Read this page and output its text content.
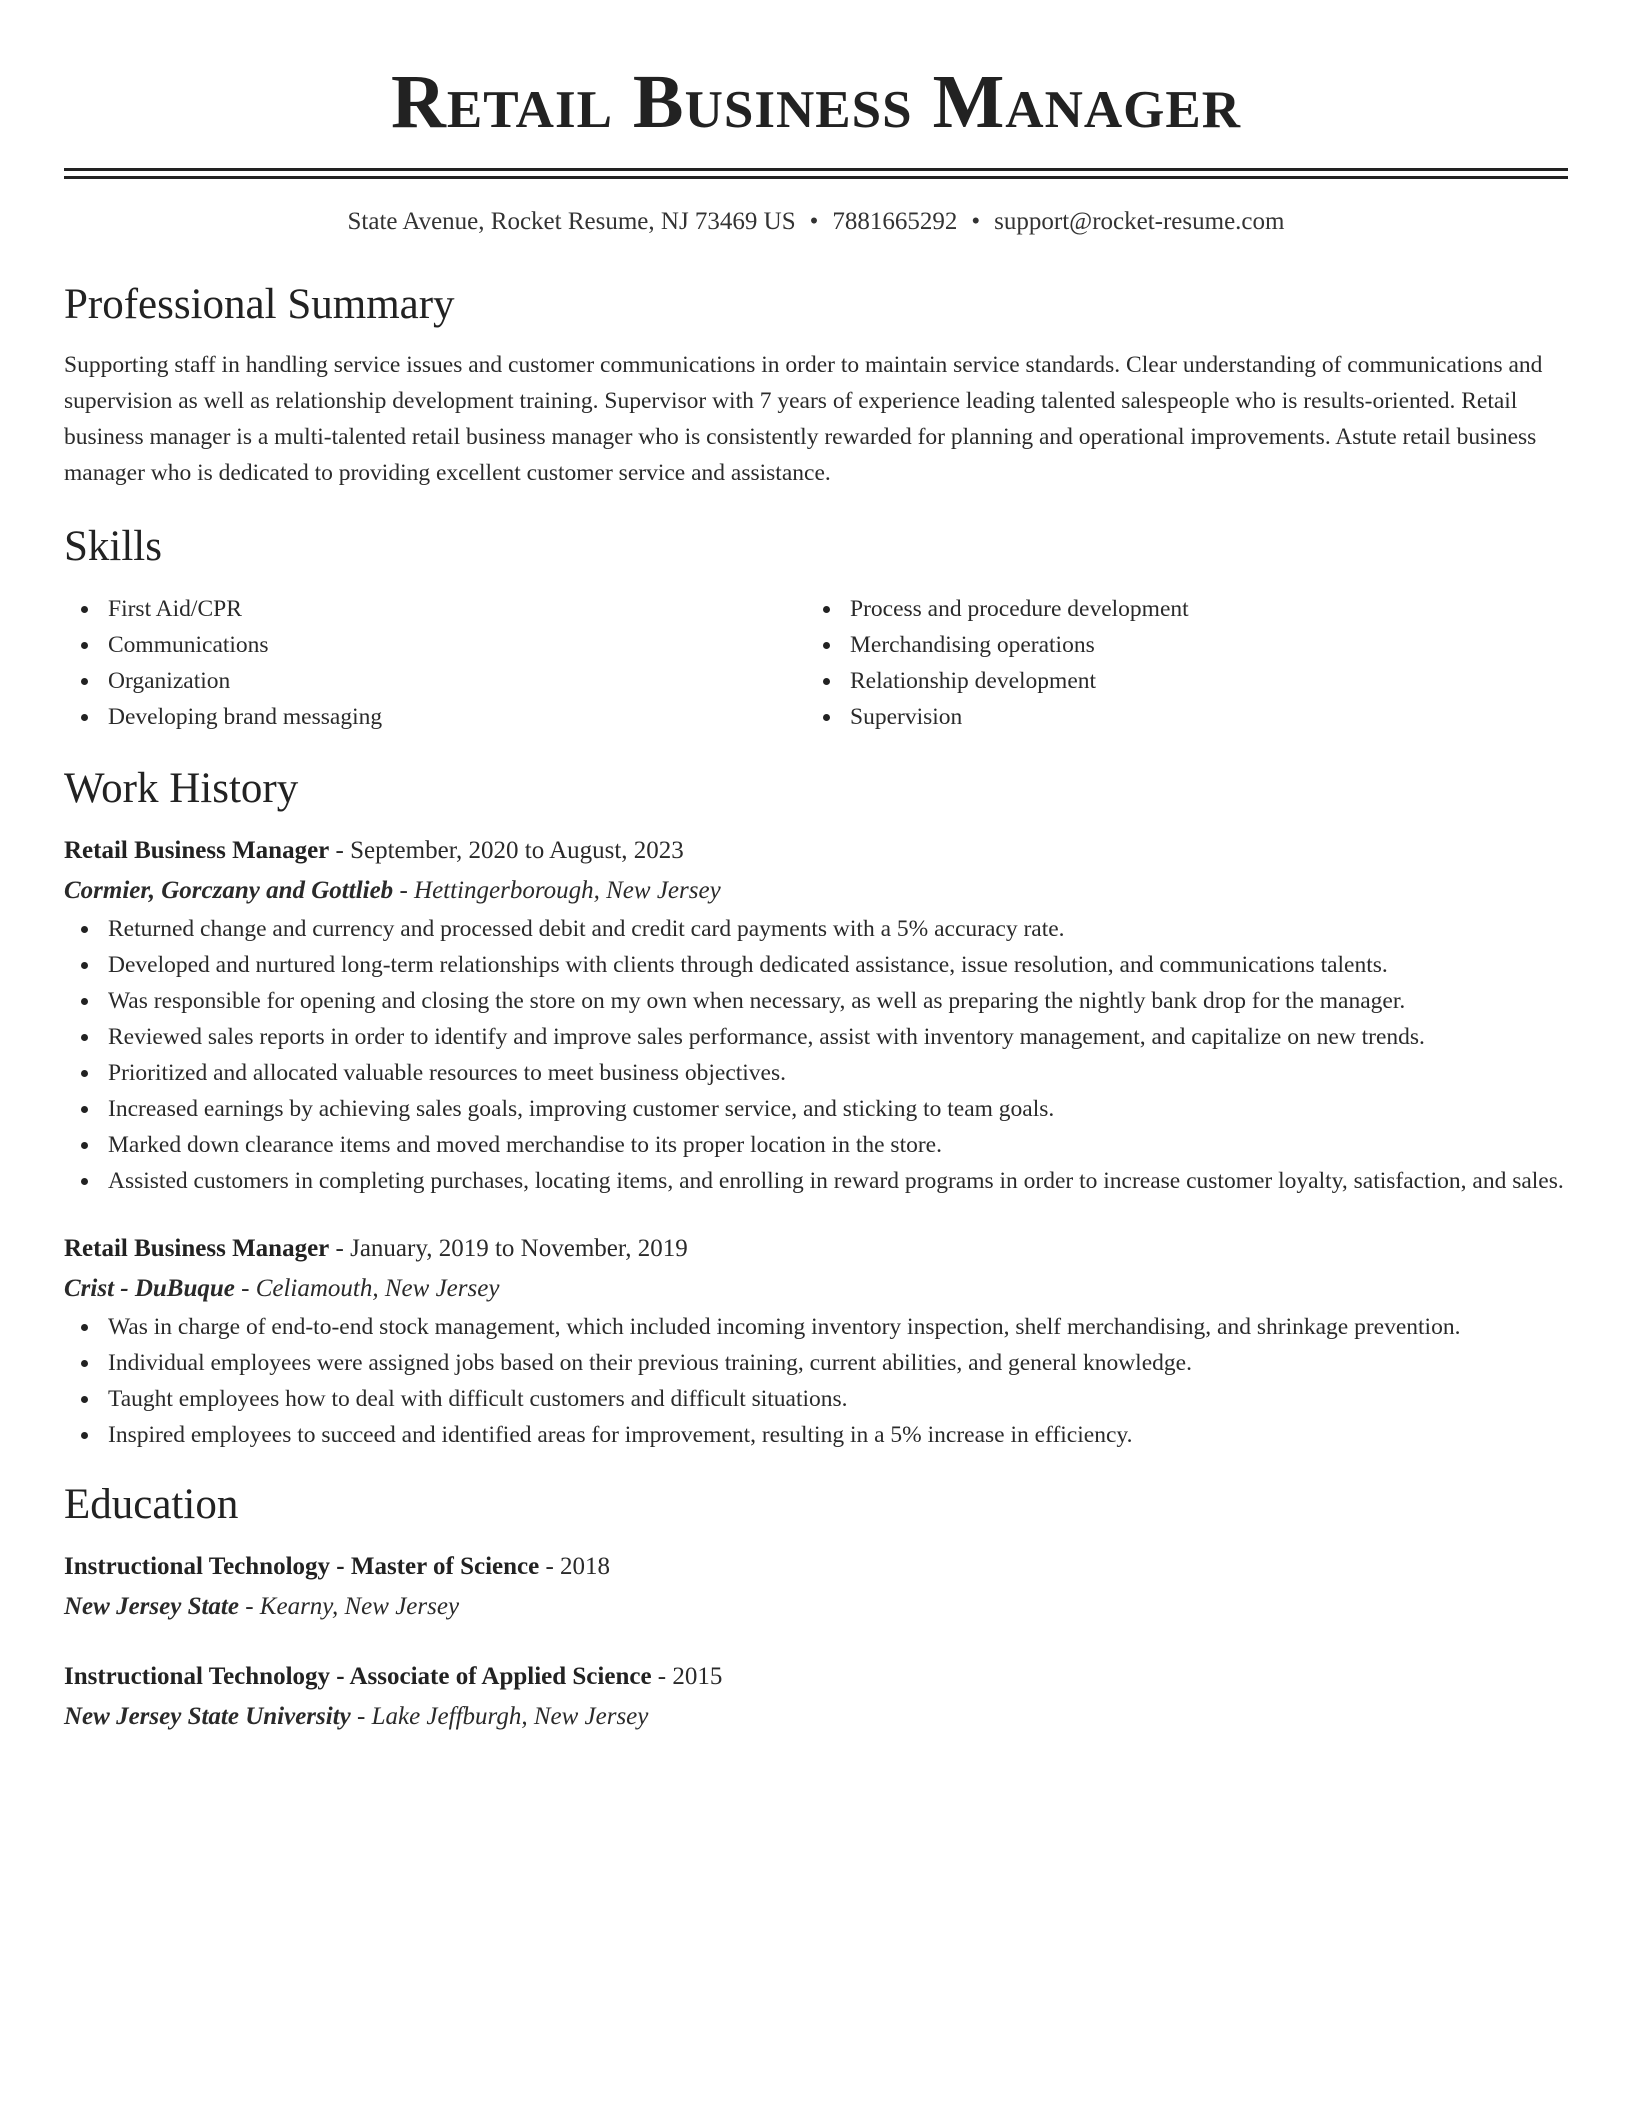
Retail Business Manager
State Avenue, Rocket Resume, NJ 73469 US • 7881665292 • support@rocket-resume.com
Professional Summary
Supporting staff in handling service issues and customer communications in order to maintain service standards. Clear understanding of communications and supervision as well as relationship development training. Supervisor with 7 years of experience leading talented salespeople who is results-oriented. Retail business manager is a multi-talented retail business manager who is consistently rewarded for planning and operational improvements. Astute retail business manager who is dedicated to providing excellent customer service and assistance.
Skills
First Aid/CPR
Communications
Organization
Developing brand messaging
Process and procedure development
Merchandising operations
Relationship development
Supervision
Work History
Retail Business Manager - September, 2020 to August, 2023
Cormier, Gorczany and Gottlieb - Hettingerborough, New Jersey
Returned change and currency and processed debit and credit card payments with a 5% accuracy rate.
Developed and nurtured long-term relationships with clients through dedicated assistance, issue resolution, and communications talents.
Was responsible for opening and closing the store on my own when necessary, as well as preparing the nightly bank drop for the manager.
Reviewed sales reports in order to identify and improve sales performance, assist with inventory management, and capitalize on new trends.
Prioritized and allocated valuable resources to meet business objectives.
Increased earnings by achieving sales goals, improving customer service, and sticking to team goals.
Marked down clearance items and moved merchandise to its proper location in the store.
Assisted customers in completing purchases, locating items, and enrolling in reward programs in order to increase customer loyalty, satisfaction, and sales.
Retail Business Manager - January, 2019 to November, 2019
Crist - DuBuque - Celiamouth, New Jersey
Was in charge of end-to-end stock management, which included incoming inventory inspection, shelf merchandising, and shrinkage prevention.
Individual employees were assigned jobs based on their previous training, current abilities, and general knowledge.
Taught employees how to deal with difficult customers and difficult situations.
Inspired employees to succeed and identified areas for improvement, resulting in a 5% increase in efficiency.
Education
Instructional Technology - Master of Science - 2018
New Jersey State - Kearny, New Jersey
Instructional Technology - Associate of Applied Science - 2015
New Jersey State University - Lake Jeffburgh, New Jersey
